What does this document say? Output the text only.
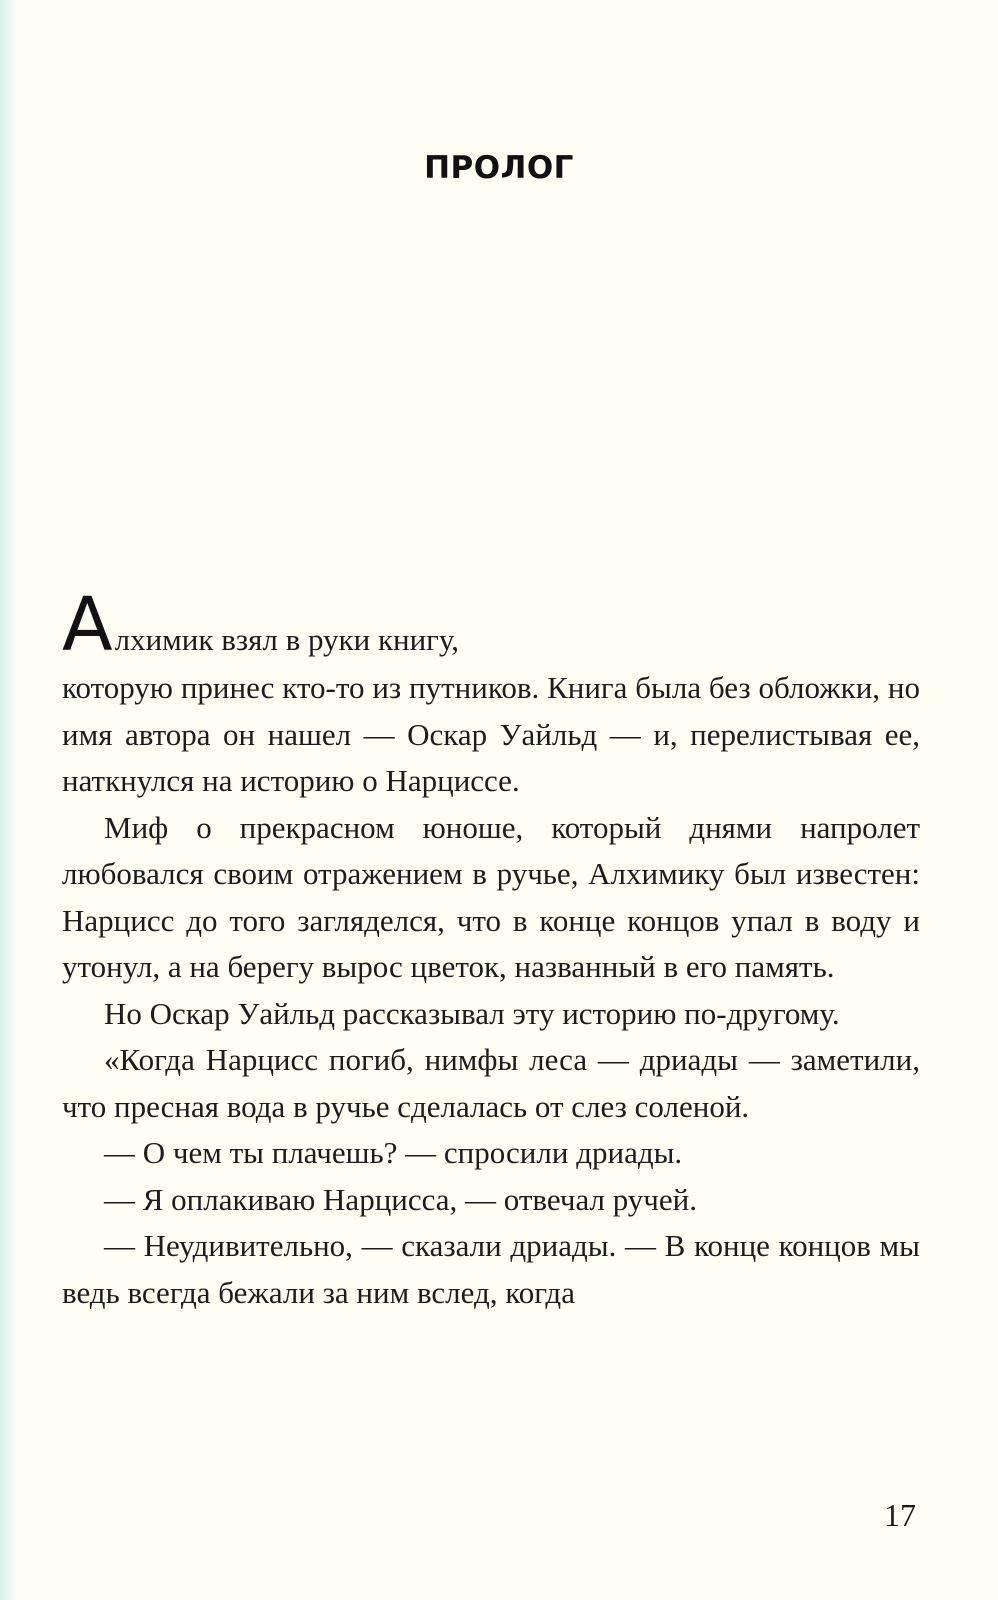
ПРОЛОГ

Алхимик взял в руки книгу,

которую принес кто-то из путников. Книга была без обложки, но имя автора он нашел — Оскар Уайльд — и, перелистывая ее, наткнулся на историю о Нарциссе.

Миф о прекрасном юноше, который днями напролет любовался своим отражением в ручье, Алхимику был известен: Нарцисс до того загляделся, что в конце концов упал в воду и утонул, а на берегу вырос цветок, названный в его память.

Но Оскар Уайльд рассказывал эту историю по-другому.

«Когда Нарцисс погиб, нимфы леса — дриады — заметили, что пресная вода в ручье сделалась от слез соленой.

— О чем ты плачешь? — спросили дриады.

— Я оплакиваю Нарцисса, — отвечал ручей.

— Неудивительно, — сказали дриады. — В конце концов мы ведь всегда бежали за ним вслед, когда

17
